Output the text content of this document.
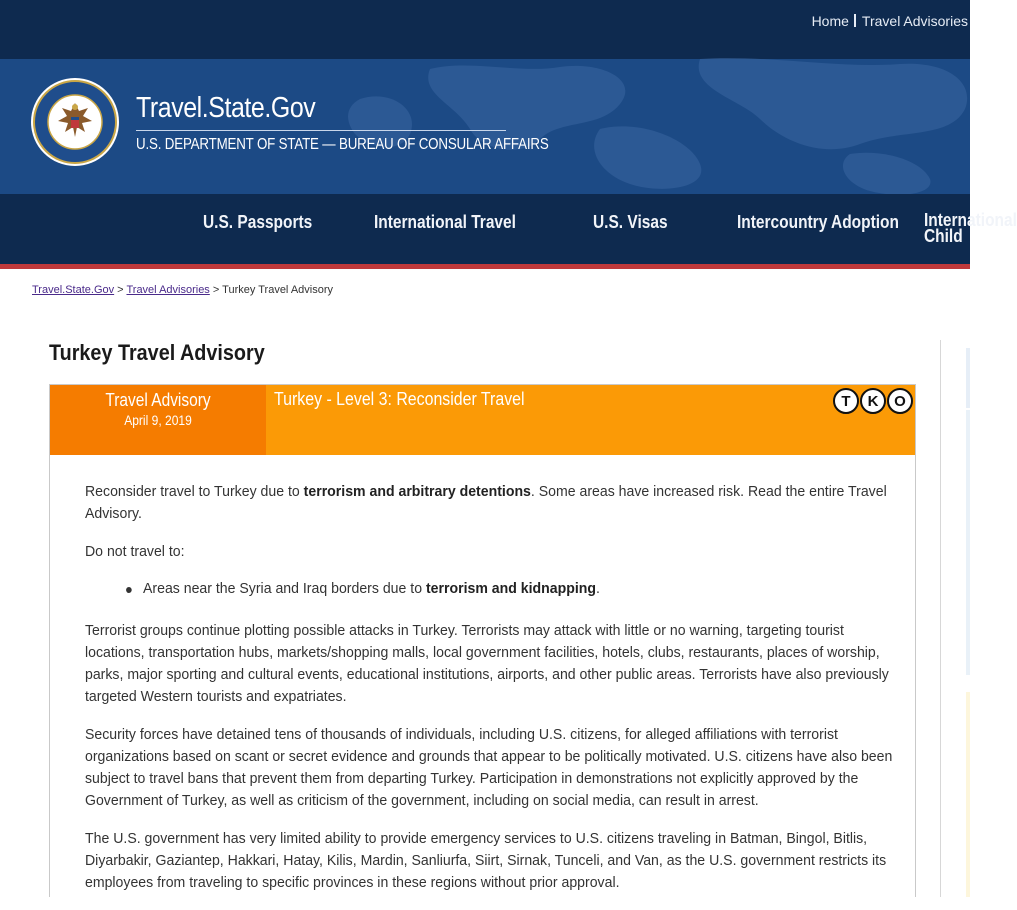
Home Travel Advisories
Travel.State.Gov
U.S. DEPARTMENT OF STATE — BUREAU OF CONSULAR AFFAIRS
U.S. Passports	International Travel	U.S. Visas	Intercountry Adoption International Child
Travel.State.Gov > Travel Advisories > Turkey Travel Advisory
Turkey Travel Advisory
Travel Advisory
April 9, 2019
Turkey - Level 3: Reconsider Travel	T	K	O

Reconsider travel to Turkey due to terrorism and arbitrary detentions. Some areas have increased risk. Read the entire Travel Advisory.

Do not travel to:

Areas near the Syria and Iraq borders due to terrorism and kidnapping.

Terrorist groups continue plotting possible attacks in Turkey. Terrorists may attack with little or no warning, targeting tourist locations, transportation hubs, markets/shopping malls, local government facilities, hotels, clubs, restaurants, places of worship, parks, major sporting and cultural events, educational institutions, airports, and other public areas. Terrorists have also previously targeted Western tourists and expatriates.

Security forces have detained tens of thousands of individuals, including U.S. citizens, for alleged affiliations with terrorist organizations based on scant or secret evidence and grounds that appear to be politically motivated. U.S. citizens have also been subject to travel bans that prevent them from departing Turkey. Participation in demonstrations not explicitly approved by the Government of Turkey, as well as criticism of the government, including on social media, can result in arrest.

The U.S. government has very limited ability to provide emergency services to U.S. citizens traveling in Batman, Bingol, Bitlis, Diyarbakir, Gaziantep, Hakkari, Hatay, Kilis, Mardin, Sanliurfa, Siirt, Sirnak, Tunceli, and Van, as the U.S. government restricts its employees from traveling to specific provinces in these regions without prior approval.
